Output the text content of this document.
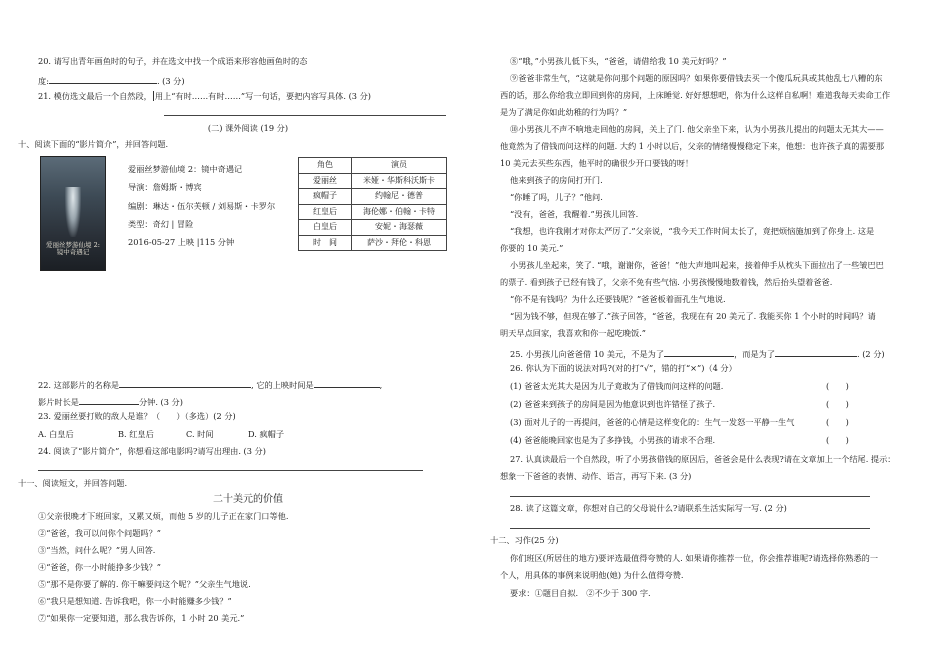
20. 请写出青年画鱼时的句子，并在选文中找一个成语来形容他画鱼时的态
度:	. (3 分)
21. 模仿选文最后一个自然段， 用上“有时……有时……”写一句话，要把内容写具体. (3 分)
(二) 课外阅读 (19 分)
十、阅读下面的“影片简介”，并回答问题.
爱丽丝梦游仙境 2: 镜中奇遇记
爱丽丝梦游仙境 2：镜中奇遇记
导演：詹姆斯・博宾
编剧：琳达・伍尔芙顿 / 刘易斯・卡罗尔
类型：奇幻 | 冒险
2016-05-27 上映 |115 分钟
角色	演员
爱丽丝	米娅・华斯科沃斯卡
疯帽子	约翰尼・德普
红皇后	海伦娜・伯翰・卡特
白皇后	安妮・海瑟薇
时　间	萨沙・拜伦・科恩
22. 这部影片的名称是	, 它的上映时间是	,
影片时长是	分钟. (3 分)
23. 爱丽丝要打败的敌人是谁？（　　）（多选）(2 分)
A. 白皇后	B. 红皇后	C. 时间	D. 疯帽子
24. 阅读了“影片简介”，你想看这部电影吗?请写出理由. (3 分)
十一、阅读短文，并回答问题.
二十美元的价值
①父亲很晚才下班回家，又累又烦，而他 5 岁的儿子正在家门口等他.
②“爸爸，我可以问你个问题吗？”
③“当然，问什么呢？”男人回答.
④“爸爸，你一小时能挣多少钱？”
⑤“那不是你要了解的. 你干嘛要问这个呢？”父亲生气地说.
⑥“我只是想知道. 告诉我吧，你一小时能赚多少钱？”
⑦“如果你一定要知道，那么我告诉你，1 小时 20 美元.”
⑧“哦，”小男孩儿低下头，“爸爸，请借给我 10 美元好吗？”
⑨爸爸非常生气，“这就是你问那个问题的原因吗？如果你要借钱去买一个傻瓜玩具或其他乱七八糟的东
西的话，那么你给我立即回到你的房间，上床睡觉. 好好想想吧，你为什么这样自私啊！难道我每天卖命工作
是为了满足你如此幼稚的行为吗？”
⑩小男孩儿不声不响地走回他的房间，关上了门. 他父亲坐下来，认为小男孩儿提出的问题太无其大——
他竟然为了借钱而问这样的问题. 大约 1 小时以后，父亲的情绪慢慢稳定下来，他想：也许孩子真的需要那
10 美元去买些东西，他平时的确很少开口要钱的呀！
他来到孩子的房间打开门.
“你睡了吗，儿子？”他问.
“没有，爸爸，我醒着.”男孩儿回答.
“我想，也许我刚才对你太严厉了.”父亲说，“我今天工作时间太长了，竟把烦恼施加到了你身上. 这是
你要的 10 美元.”
小男孩儿坐起来，笑了. “哦，谢谢你，爸爸！”他大声地叫起来，接着伸手从枕头下面拉出了一些皱巴巴
的票子. 看到孩子已经有钱了，父亲不免有些气恼. 小男孩慢慢地数着钱，然后抬头望着爸爸.
“你不是有钱吗？为什么还要钱呢？”爸爸板着面孔生气地说.
“因为钱不够，但现在够了.”孩子回答，“爸爸，我现在有 20 美元了. 我能买你 1 个小时的时间吗？请
明天早点回家，我喜欢和你一起吃晚饭.”
25. 小男孩儿向爸爸借 10 美元，不是为了	，而是为了	. (2 分)
26. 你认为下面的说法对吗?(对的打“√”，错的打“×”)（4 分）
(1) 爸爸太光其大是因为儿子竟敢为了借钱而问这样的问题.	(　　)
(2) 爸爸来到孩子的房间是因为他意识到也许错怪了孩子.	(　　)
(3) 面对儿子的一再提问，爸爸的心情是这样变化的：生气一发怒一平静一生气	(　　)
(4) 爸爸能晚回家也是为了多挣钱，小男孩的请求不合理.	(　　)
27. 认真读最后一个自然段，听了小男孩借钱的原因后，爸爸会是什么表现?请在文章加上一个结尾. 提示：
想象一下爸爸的表情、动作、语言，再写下来. (3 分)
28. 读了这篇文章，你想对自己的父母说什么?请联系生活实际写一写. (2 分)
十二、习作(25 分)
你们班区(所居住的地方)要评选最值得夸赞的人. 如果请你推荐一位，你会推荐谁呢?请选择你熟悉的一
个人，用具体的事例来说明他(她) 为什么值得夸赞.
要求：①题目自拟.　②不少于 300 字.
